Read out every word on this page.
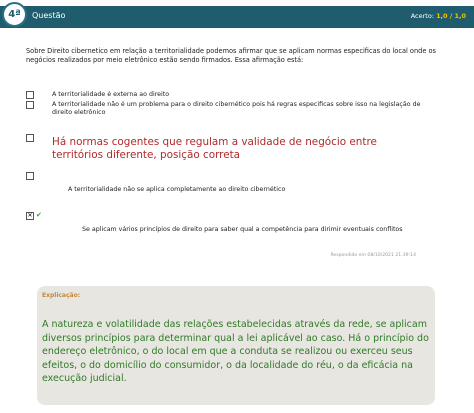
4ª Questão	Acerto: 1,0 / 1,0
Sobre Direito cibernetico em relação a territorialidade podemos afirmar que se aplicam normas especificas do local onde os negócios realizados por meio eletrônico estão sendo firmados. Essa afirmação está:
A territorialidade é externa ao direito
A territorialidade não é um problema para o direito cibernético pois há regras especificas sobre isso na legislação de direito eletrônico
Há normas cogentes que regulam a validade de negócio entre territórios diferente, posição correta
A territorialidade não se aplica completamente ao direito cibernético
✕ ✔
Se aplicam vários princípios de direito para saber qual a competência para dirimir eventuais conflitos
Respondido em 08/10/2021 21:39:14
Explicação:
A natureza e volatilidade das relações estabelecidas através da rede, se aplicam diversos princípios para determinar qual a lei aplicável ao caso. Há o princípio do endereço eletrônico, o do local em que a conduta se realizou ou exerceu seus efeitos, o do domicílio do consumidor, o da localidade do réu, o da eficácia na execução judicial.
